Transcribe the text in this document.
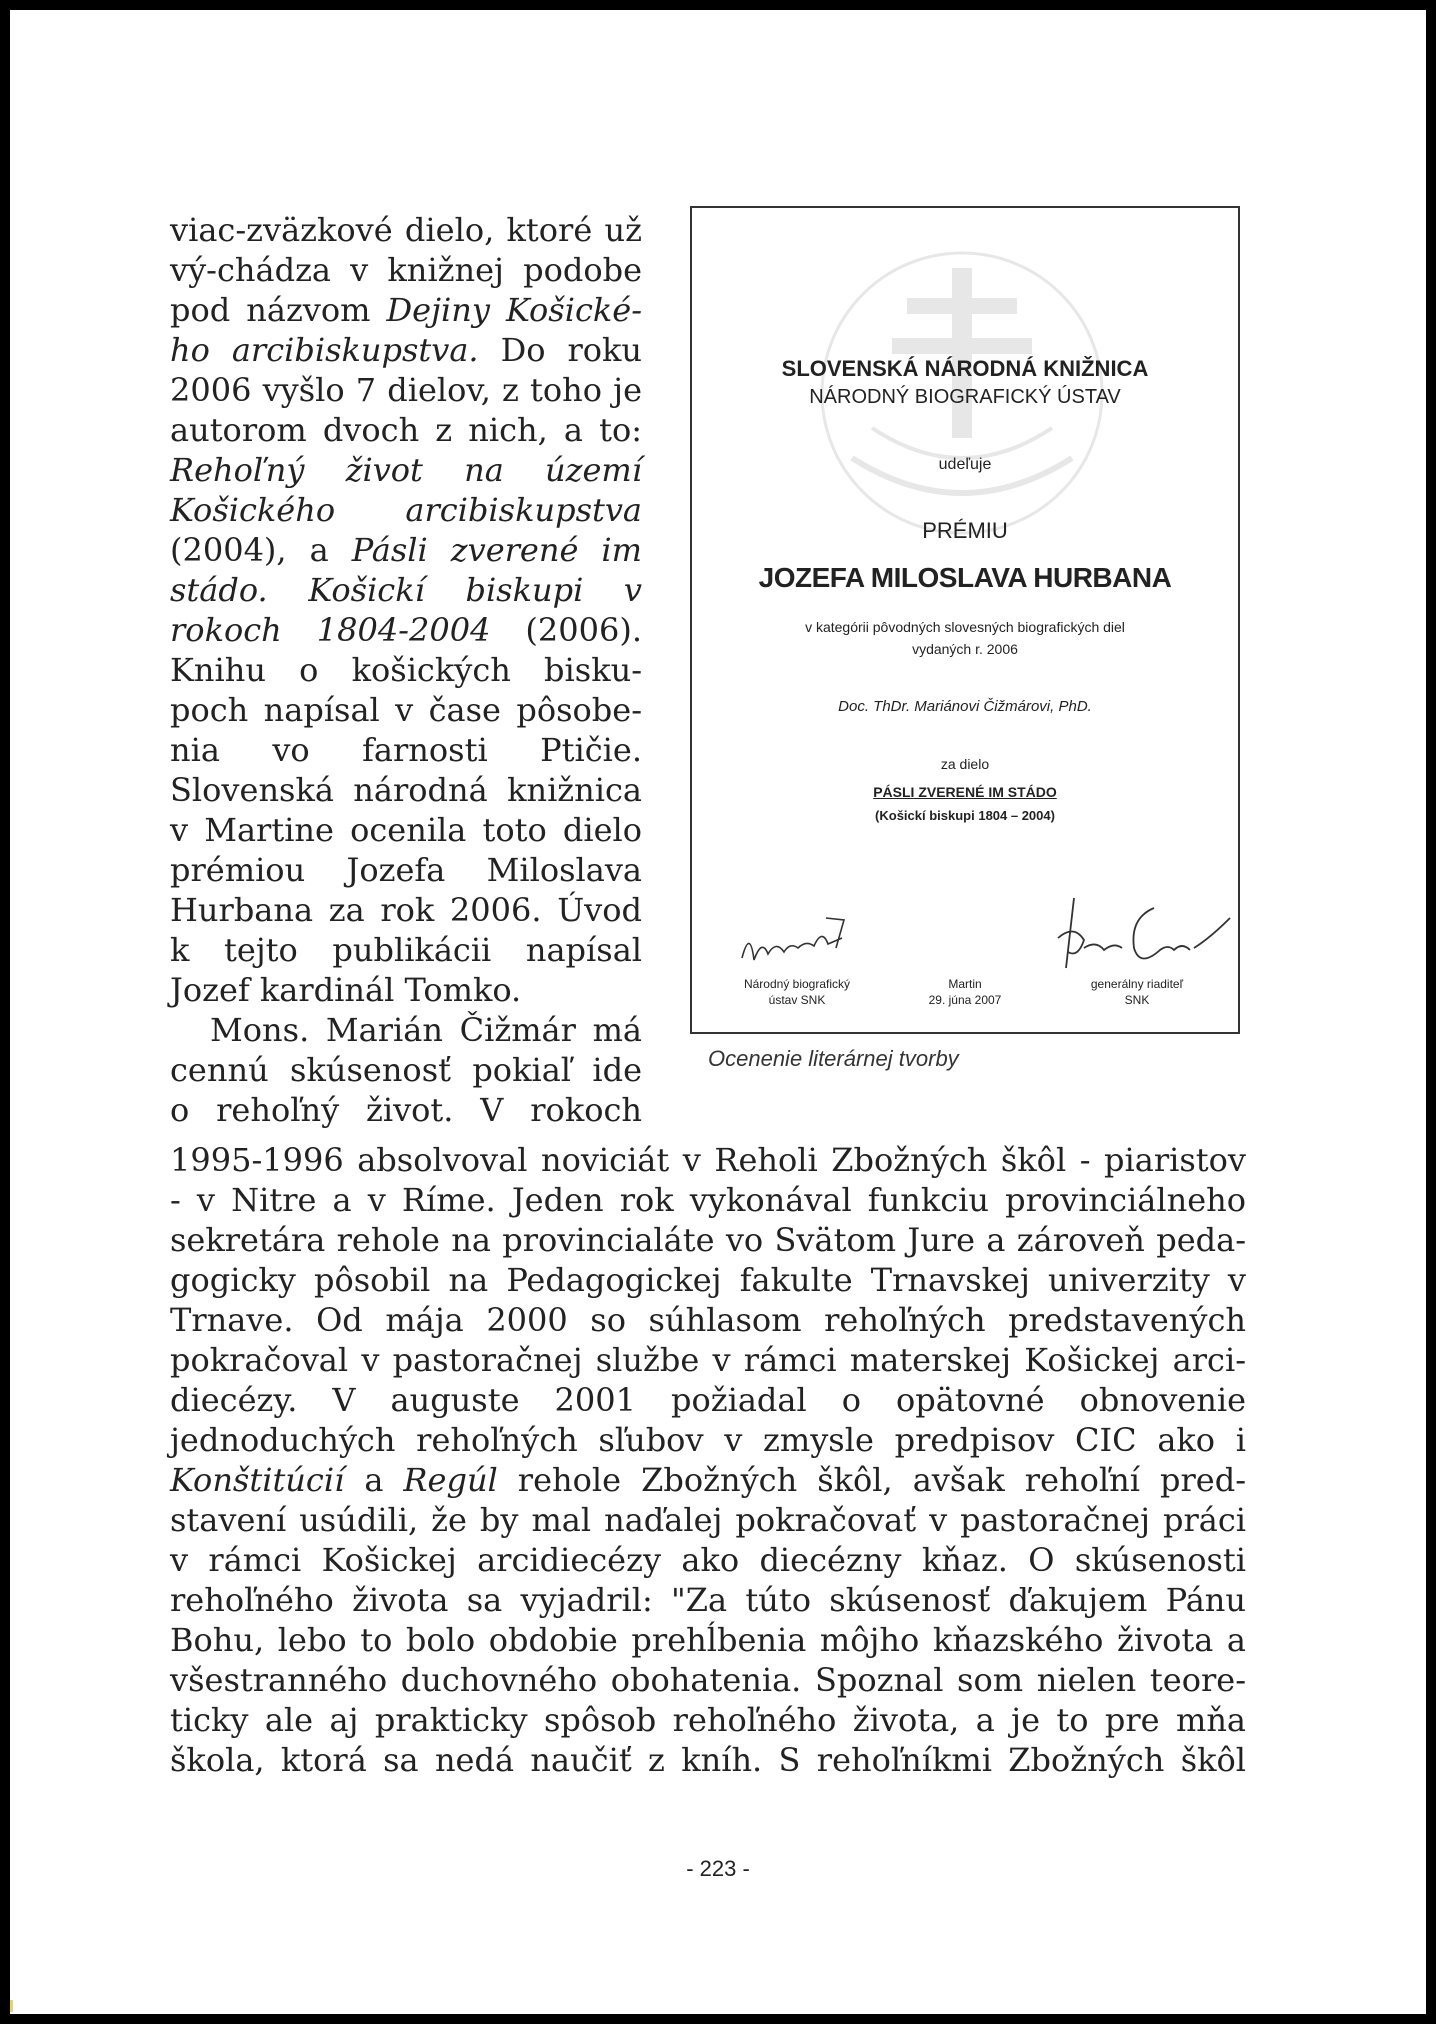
viac-zväzkové dielo, ktoré už
vý-chádza v knižnej podobe
pod názvom Dejiny Košické-
ho arcibiskupstva. Do roku
2006 vyšlo 7 dielov, z toho je
autorom dvoch z nich, a to:
Rehoľný život na území
Košického arcibiskupstva
(2004), a Pásli zverené im
stádo. Košickí biskupi v
rokoch 1804-2004 (2006).
Knihu o košických bisku-
poch napísal v čase pôsobe-
nia vo farnosti Ptičie.
Slovenská národná knižnica
v Martine ocenila toto dielo
prémiou Jozefa Miloslava
Hurbana za rok 2006. Úvod
k tejto publikácii napísal
Jozef kardinál Tomko.
Mons. Marián Čižmár má
cennú skúsenosť pokiaľ ide
o rehoľný život. V rokoch
SLOVENSKÁ NÁRODNÁ KNIŽNICA
NÁRODNÝ BIOGRAFICKÝ ÚSTAV
udeľuje
PRÉMIU
JOZEFA MILOSLAVA HURBANA
v kategórii pôvodných slovesných biografických diel
vydaných r. 2006
Doc. ThDr. Mariánovi Čižmárovi, PhD.
za dielo
PÁSLI ZVERENÉ IM STÁDO
(Košickí biskupi 1804 – 2004)
Národný biografický
ústav SNK
Martin
29. júna 2007
generálny riaditeľ
SNK
Ocenenie literárnej tvorby
1995-1996 absolvoval noviciát v Reholi Zbožných škôl - piaristov
- v Nitre a v Ríme. Jeden rok vykonával funkciu provinciálneho
sekretára rehole na provincialáte vo Svätom Jure a zároveň peda-
gogicky pôsobil na Pedagogickej fakulte Trnavskej univerzity v
Trnave. Od mája 2000 so súhlasom rehoľných predstavených
pokračoval v pastoračnej službe v rámci materskej Košickej arci-
diecézy. V auguste 2001 požiadal o opätovné obnovenie
jednoduchých rehoľných sľubov v zmysle predpisov CIC ako i
Konštitúcií a Regúl rehole Zbožných škôl, avšak rehoľní pred-
stavení usúdili, že by mal naďalej pokračovať v pastoračnej práci
v rámci Košickej arcidiecézy ako diecézny kňaz. O skúsenosti
rehoľného života sa vyjadril: "Za túto skúsenosť ďakujem Pánu
Bohu, lebo to bolo obdobie prehĺbenia môjho kňazského života a
všestranného duchovného obohatenia. Spoznal som nielen teore-
ticky ale aj prakticky spôsob rehoľného života, a je to pre mňa
škola, ktorá sa nedá naučiť z kníh. S rehoľníkmi Zbožných škôl
- 223 -
